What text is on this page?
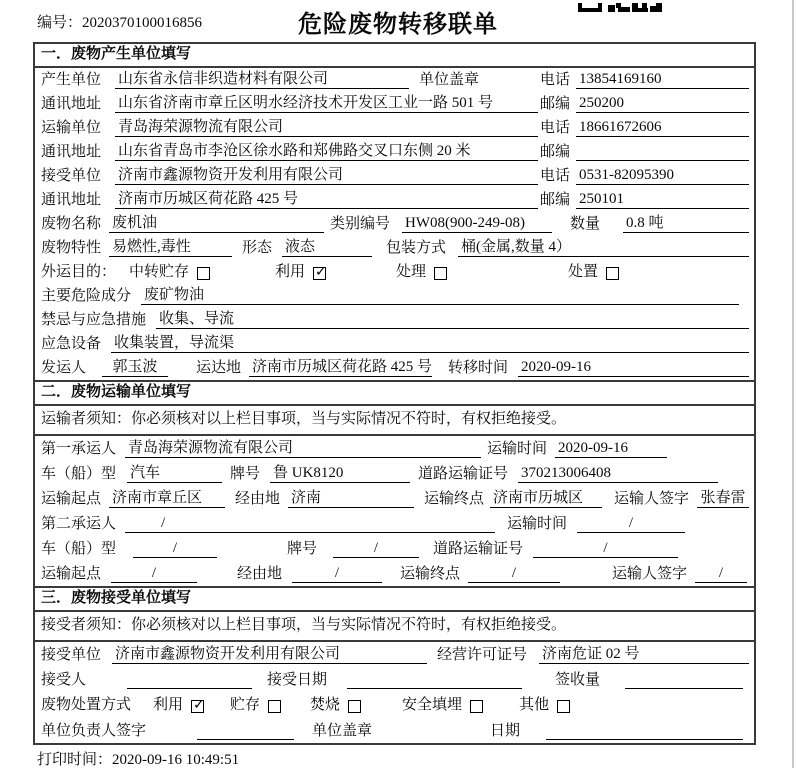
编号：2020370100016856	危险废物转移联单
一．废物产生单位填写
产生单位 山东省永信非织造材料有限公司	单位盖章	电话 13854169160
通讯地址 山东省济南市章丘区明水经济技术开发区工业一路 501 号	邮编 250200
运输单位 青岛海荣源物流有限公司	电话 18661672606
通讯地址 山东省青岛市李沧区徐水路和郑佛路交叉口东侧 20 米	邮编
接受单位 济南市鑫源物资开发利用有限公司	电话 0531-82095390
通讯地址 济南市历城区荷花路 425 号	邮编 250101
废物名称 废机油	类别编号 HW08(900-249-08)	数量 0.8 吨
废物特性 易燃性,毒性	形态 液态	包装方式 桶(金属,数量 4）
外运目的： 中转贮存	利用 ✓	处理	处置
主要危险成分 废矿物油
禁忌与应急措施 收集、导流
应急设备 收集装置，导流渠
发运人	郭玉波	运达地 济南市历城区荷花路 425 号 转移时间 2020-09-16
二．废物运输单位填写
运输者须知：你必须核对以上栏目事项，当与实际情况不符时，有权拒绝接受。
第一承运人 青岛海荣源物流有限公司	运输时间 2020-09-16
车（船）型 汽车	牌号 鲁 UK8120	道路运输证号 370213006408
运输起点 济南市章丘区	经由地 济南	运输终点 济南市历城区	运输人签字 张春雷
第二承运人	/	运输时间	/
车（船）型	/	牌号	/	道路运输证号	/
运输起点	/	经由地	/	运输终点	/	运输人签字	/
三．废物接受单位填写
接受者须知：你必须核对以上栏目事项，当与实际情况不符时，有权拒绝接受。
接受单位 济南市鑫源物资开发利用有限公司	经营许可证号 济南危证 02 号
接受人	接受日期	签收量
废物处置方式 利用 ✓	贮存	焚烧	安全填埋	其他
单位负责人签字	单位盖章	日期
打印时间：2020-09-16 10:49:51
